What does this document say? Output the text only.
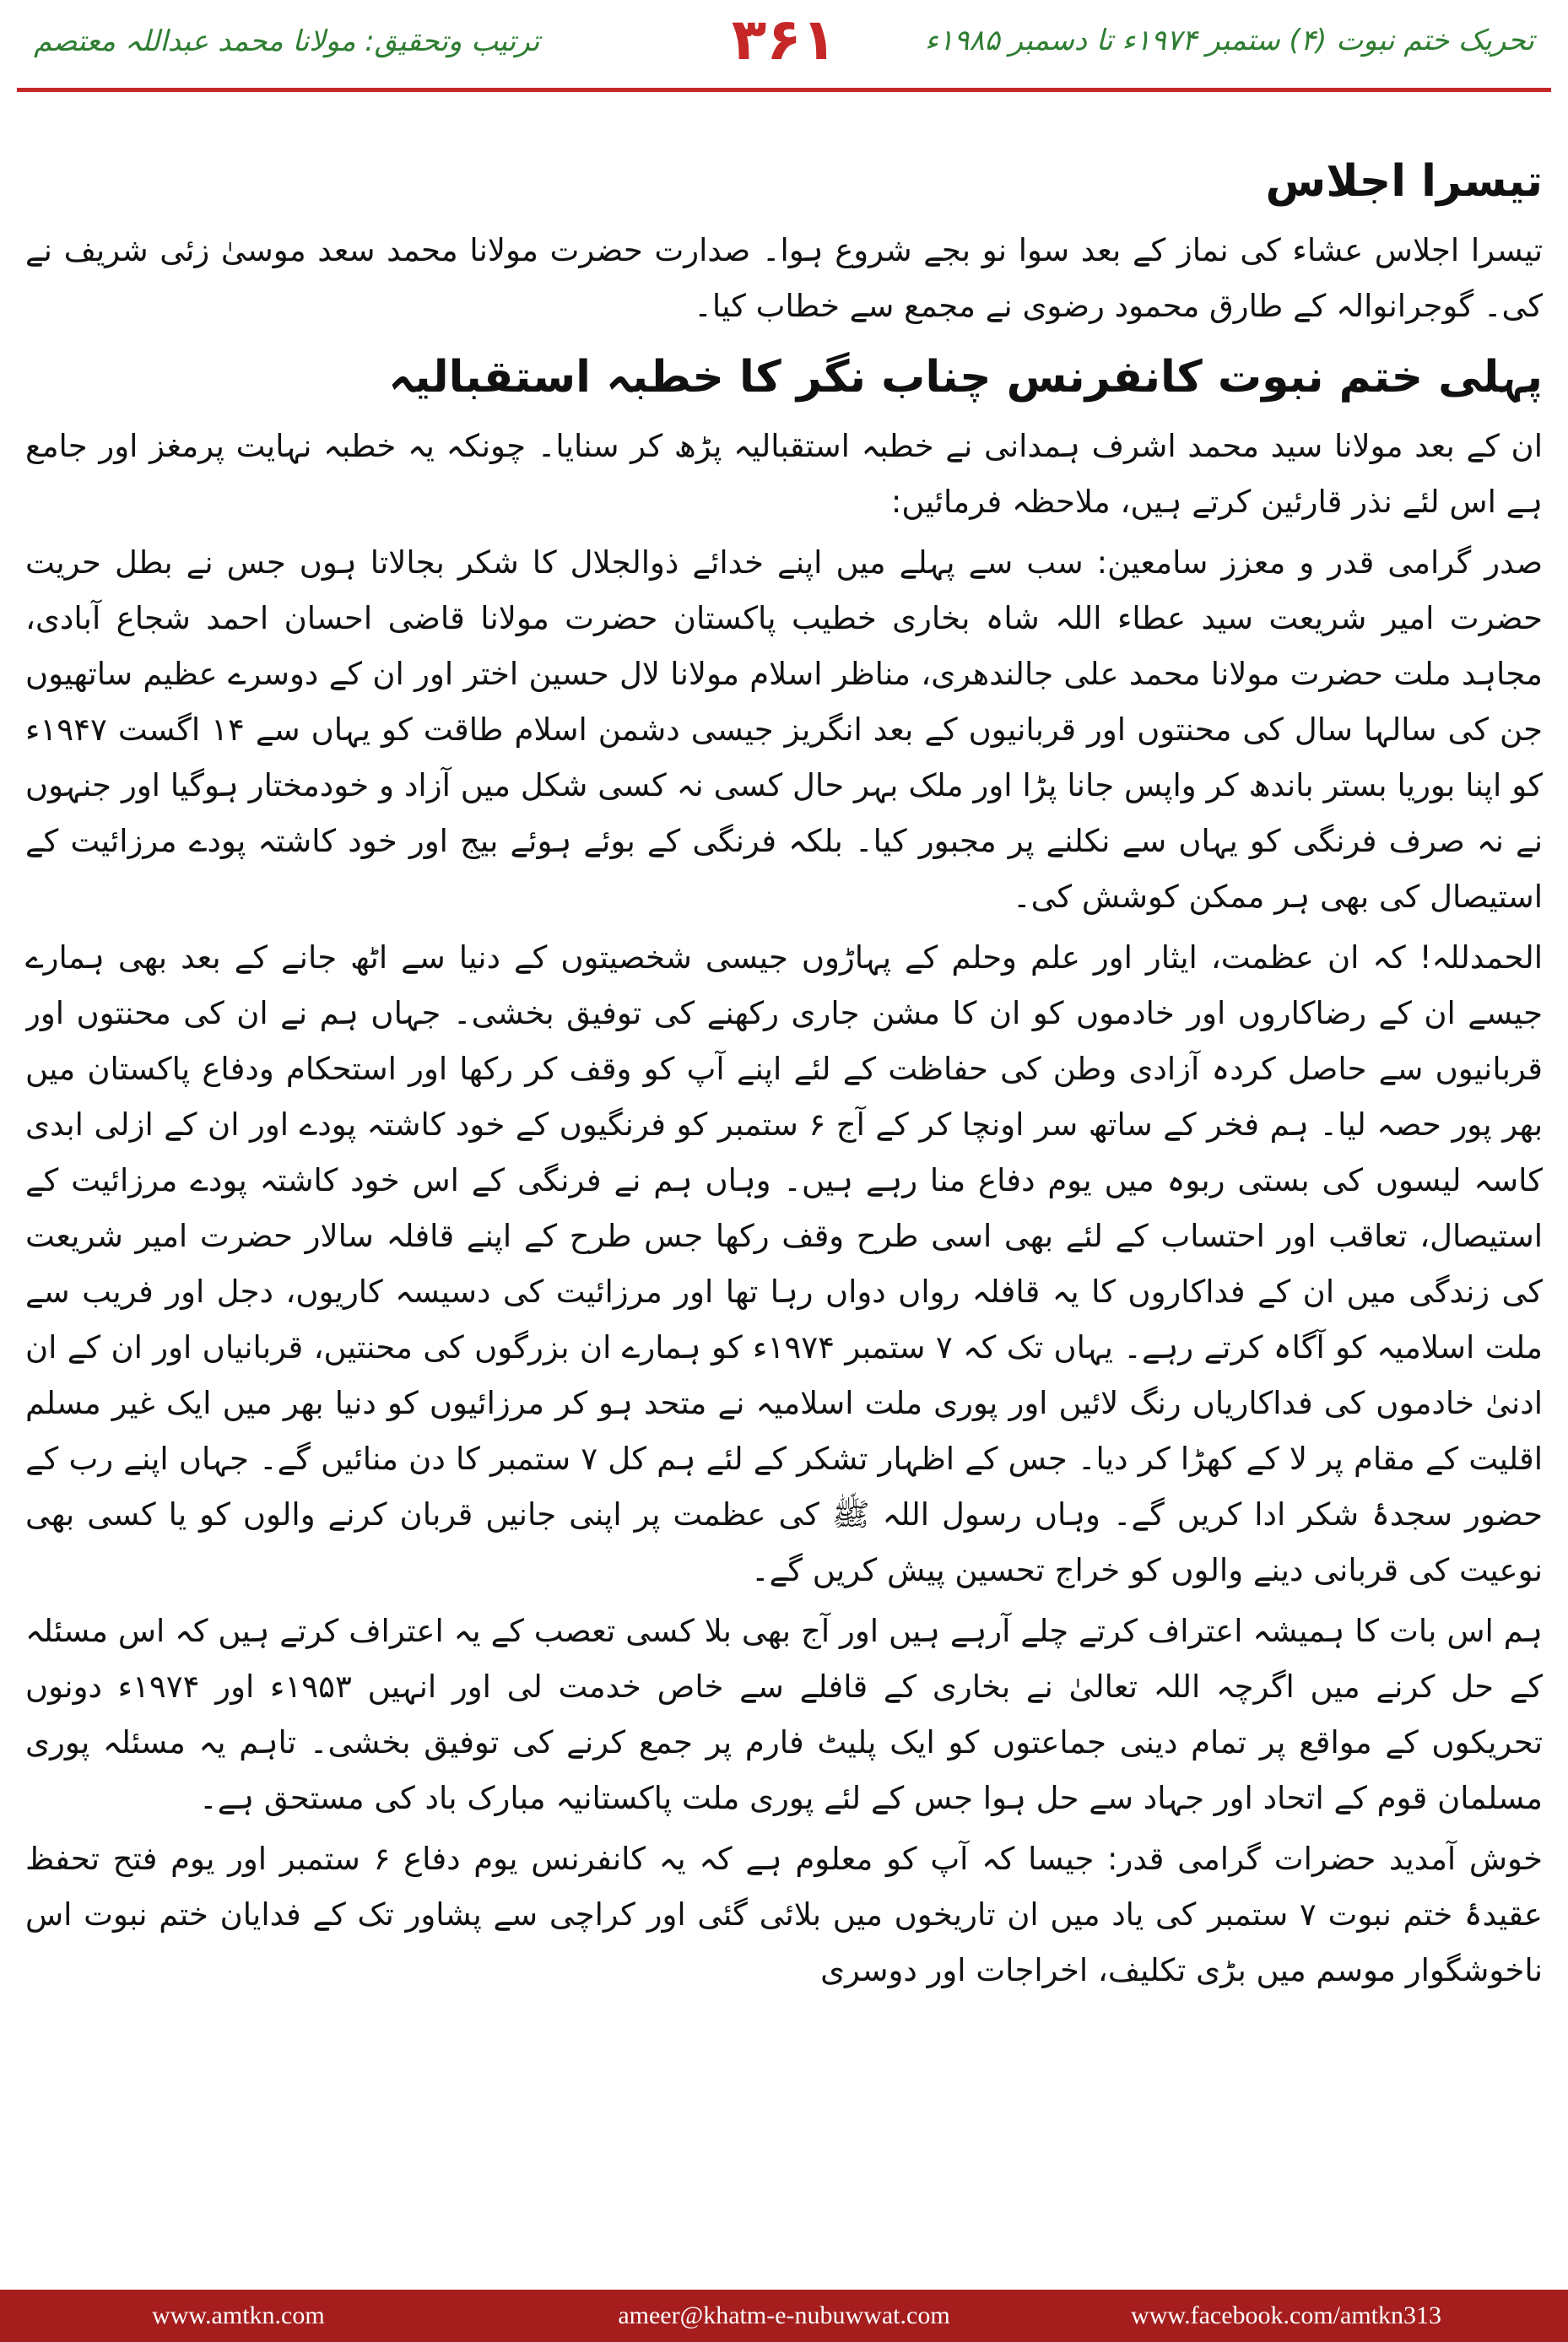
ترتیب وتحقیق: مولانا محمد عبداللہ معتصم	۳۶۱	تحریک ختم نبوت (۴) ستمبر ۱۹۷۴ء تا دسمبر ۱۹۸۵ء
تیسرا اجلاس

تیسرا اجلاس عشاء کی نماز کے بعد سوا نو بجے شروع ہوا۔ صدارت حضرت مولانا محمد سعد موسیٰ زئی شریف نے کی۔ گوجرانوالہ کے طارق محمود رضوی نے مجمع سے خطاب کیا۔

پہلی ختم نبوت کانفرنس چناب نگر کا خطبہ استقبالیہ

ان کے بعد مولانا سید محمد اشرف ہمدانی نے خطبہ استقبالیہ پڑھ کر سنایا۔ چونکہ یہ خطبہ نہایت پرمغز اور جامع ہے اس لئے نذر قارئین کرتے ہیں، ملاحظہ فرمائیں:

صدر گرامی قدر و معزز سامعین: سب سے پہلے میں اپنے خدائے ذوالجلال کا شکر بجالاتا ہوں جس نے بطل حریت حضرت امیر شریعت سید عطاء اللہ شاہ بخاری خطیب پاکستان حضرت مولانا قاضی احسان احمد شجاع آبادی، مجاہد ملت حضرت مولانا محمد علی جالندھری، مناظر اسلام مولانا لال حسین اختر اور ان کے دوسرے عظیم ساتھیوں جن کی سالہا سال کی محنتوں اور قربانیوں کے بعد انگریز جیسی دشمن اسلام طاقت کو یہاں سے ۱۴ اگست ۱۹۴۷ء کو اپنا بوریا بستر باندھ کر واپس جانا پڑا اور ملک بہر حال کسی نہ کسی شکل میں آزاد و خودمختار ہوگیا اور جنہوں نے نہ صرف فرنگی کو یہاں سے نکلنے پر مجبور کیا۔ بلکہ فرنگی کے بوئے ہوئے بیج اور خود کاشتہ پودے مرزائیت کے استیصال کی بھی ہر ممکن کوشش کی۔

الحمدللہ! کہ ان عظمت، ایثار اور علم وحلم کے پہاڑوں جیسی شخصیتوں کے دنیا سے اٹھ جانے کے بعد بھی ہمارے جیسے ان کے رضاکاروں اور خادموں کو ان کا مشن جاری رکھنے کی توفیق بخشی۔ جہاں ہم نے ان کی محنتوں اور قربانیوں سے حاصل کردہ آزادی وطن کی حفاظت کے لئے اپنے آپ کو وقف کر رکھا اور استحکام ودفاع پاکستان میں بھر پور حصہ لیا۔ ہم فخر کے ساتھ سر اونچا کر کے آج ۶ ستمبر کو فرنگیوں کے خود کاشتہ پودے اور ان کے ازلی ابدی کاسہ لیسوں کی بستی ربوہ میں یوم دفاع منا رہے ہیں۔ وہاں ہم نے فرنگی کے اس خود کاشتہ پودے مرزائیت کے استیصال، تعاقب اور احتساب کے لئے بھی اسی طرح وقف رکھا جس طرح کے اپنے قافلہ سالار حضرت امیر شریعت کی زندگی میں ان کے فداکاروں کا یہ قافلہ رواں دواں رہا تھا اور مرزائیت کی دسیسہ کاریوں، دجل اور فریب سے ملت اسلامیہ کو آگاہ کرتے رہے۔ یہاں تک کہ ۷ ستمبر ۱۹۷۴ء کو ہمارے ان بزرگوں کی محنتیں، قربانیاں اور ان کے ان ادنیٰ خادموں کی فداکاریاں رنگ لائیں اور پوری ملت اسلامیہ نے متحد ہو کر مرزائیوں کو دنیا بھر میں ایک غیر مسلم اقلیت کے مقام پر لا کے کھڑا کر دیا۔ جس کے اظہار تشکر کے لئے ہم کل ۷ ستمبر کا دن منائیں گے۔ جہاں اپنے رب کے حضور سجدۂ شکر ادا کریں گے۔ وہاں رسول اللہ ﷺ کی عظمت پر اپنی جانیں قربان کرنے والوں کو یا کسی بھی نوعیت کی قربانی دینے والوں کو خراج تحسین پیش کریں گے۔

ہم اس بات کا ہمیشہ اعتراف کرتے چلے آرہے ہیں اور آج بھی بلا کسی تعصب کے یہ اعتراف کرتے ہیں کہ اس مسئلہ کے حل کرنے میں اگرچہ اللہ تعالیٰ نے بخاری کے قافلے سے خاص خدمت لی اور انہیں ۱۹۵۳ء اور ۱۹۷۴ء دونوں تحریکوں کے مواقع پر تمام دینی جماعتوں کو ایک پلیٹ فارم پر جمع کرنے کی توفیق بخشی۔ تاہم یہ مسئلہ پوری مسلمان قوم کے اتحاد اور جہاد سے حل ہوا جس کے لئے پوری ملت پاکستانیہ مبارک باد کی مستحق ہے۔

خوش آمدید حضرات گرامی قدر: جیسا کہ آپ کو معلوم ہے کہ یہ کانفرنس یوم دفاع ۶ ستمبر اور یوم فتح تحفظ عقیدۂ ختم نبوت ۷ ستمبر کی یاد میں ان تاریخوں میں بلائی گئی اور کراچی سے پشاور تک کے فدایان ختم نبوت اس ناخوشگوار موسم میں بڑی تکلیف، اخراجات اور دوسری

www.amtkn.com	ameer@khatm-e-nubuwwat.com	www.facebook.com/amtkn313
